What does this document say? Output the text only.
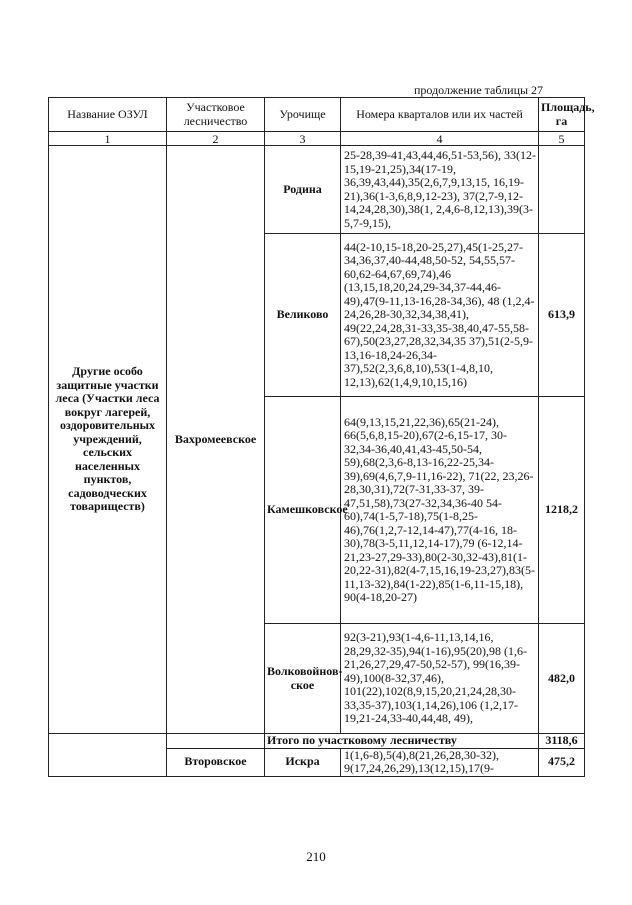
продолжение таблицы 27
Название ОЗУЛ	Участковое лесничество	Урочище	Номера кварталов или их частей	Площадь, га
1	2	3	4	5
Другие особо защитные участки леса (Участки леса вокруг лагерей, оздоровительных учреждений, сельских населенных пунктов, садоводческих товариществ)	Вахромеевское	Родина	25-28,39-41,43,44,46,51-53,56), 33(12-15,19-21,25),34(17-19, 36,39,43,44),35(2,6,7,9,13,15, 16,19-21),36(1-3,6,8,9,12-23), 37(2,7-9,12-14,24,28,30),38(1, 2,4,6-8,12,13),39(3-5,7-9,15),	
		Великово	44(2-10,15-18,20-25,27),45(1-25,27-34,36,37,40-44,48,50-52, 54,55,57-60,62-64,67,69,74),46 (13,15,18,20,24,29-34,37-44,46-49),47(9-11,13-16,28-34,36), 48 (1,2,4-24,26,28-30,32,34,38,41), 49(22,24,28,31-33,35-38,40,47-55,58-67),50(23,27,28,32,34,35 37),51(2-5,9-13,16-18,24-26,34-37),52(2,3,6,8,10),53(1-4,8,10, 12,13),62(1,4,9,10,15,16)	613,9
		Камешковское	64(9,13,15,21,22,36),65(21-24), 66(5,6,8,15-20),67(2-6,15-17, 30-32,34-36,40,41,43-45,50-54, 59),68(2,3,6-8,13-16,22-25,34-39),69(4,6,7,9-11,16-22), 71(22, 23,26-28,30,31),72(7-31,33-37, 39-47,51,58),73(27-32,34,36-40 54-60),74(1-5,7-18),75(1-8,25-46),76(1,2,7-12,14-47),77(4-16, 18-30),78(3-5,11,12,14-17),79 (6-12,14-21,23-27,29-33),80(2-30,32-43),81(1-20,22-31),82(4-7,15,16,19-23,27),83(5-11,13-32),84(1-22),85(1-6,11-15,18), 90(4-18,20-27)	1218,2
		Волковойнов-ское	92(3-21),93(1-4,6-11,13,14,16, 28,29,32-35),94(1-16),95(20),98 (1,6-21,26,27,29,47-50,52-57), 99(16,39-49),100(8-32,37,46), 101(22),102(8,9,15,20,21,24,28,30-33,35-37),103(1,14,26),106 (1,2,17-19,21-24,33-40,44,48, 49),	482,0
		Итого по участковому лесничеству		3118,6
	Второвское	Искра	1(1,6-8),5(4),8(21,26,28,30-32), 9(17,24,26,29),13(12,15),17(9-	475,2
210
